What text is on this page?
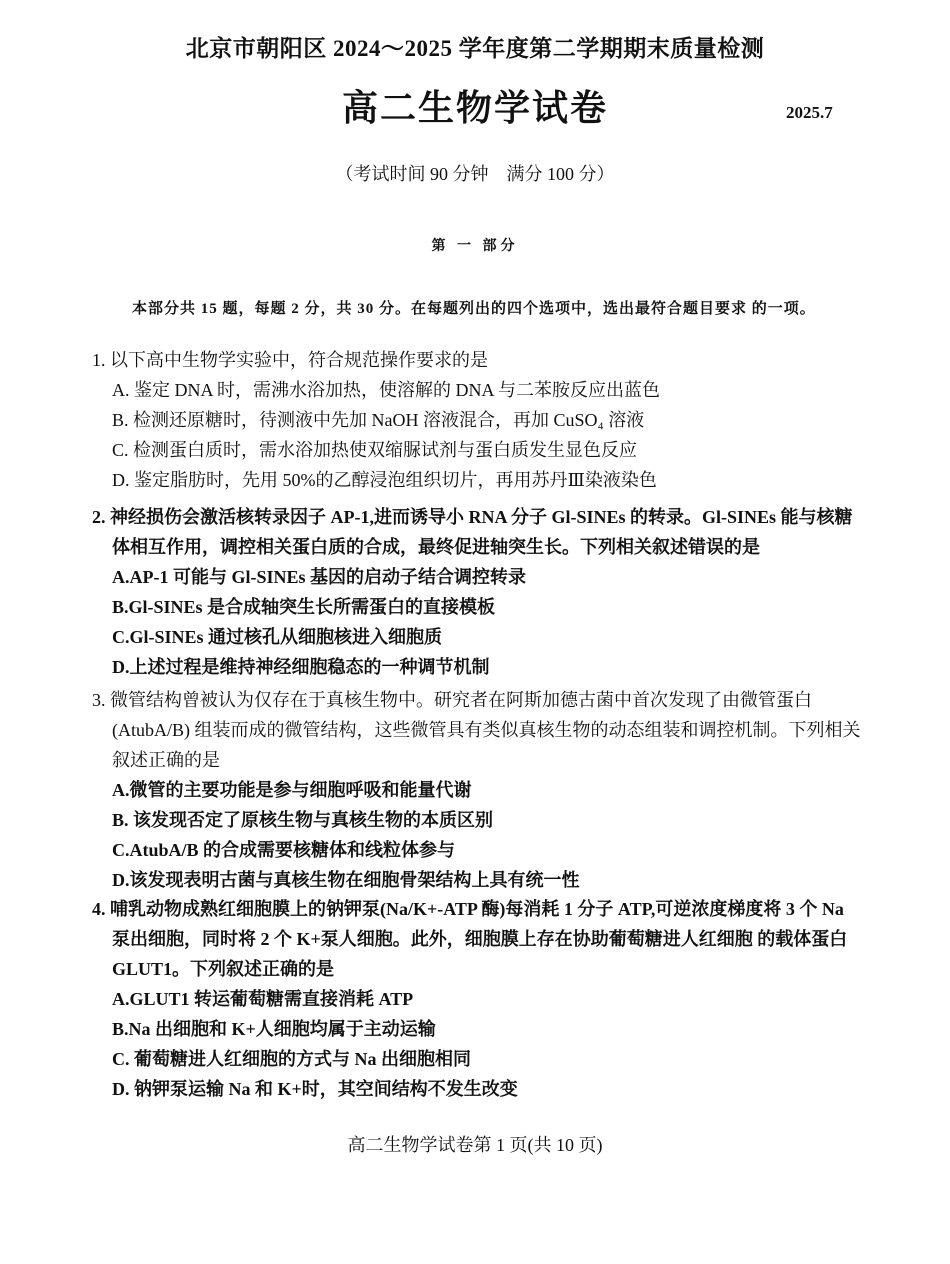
北京市朝阳区 2024～2025 学年度第二学期期末质量检测
高二生物学试卷	2025.7
（考试时间 90 分钟　满分 100 分）
第 一 部分
本部分共 15 题，每题 2 分，共 30 分。在每题列出的四个选项中，选出最符合题目要求 的一项。
1. 以下高中生物学实验中，符合规范操作要求的是
A. 鉴定 DNA 时，需沸水浴加热，使溶解的 DNA 与二苯胺反应出蓝色
B. 检测还原糖时，待测液中先加 NaOH 溶液混合，再加 CuSO₄ 溶液
C. 检测蛋白质时，需水浴加热使双缩脲试剂与蛋白质发生显色反应
D. 鉴定脂肪时，先用 50%的乙醇浸泡组织切片，再用苏丹Ⅲ染液染色
2. 神经损伤会激活核转录因子 AP-1,进而诱导小 RNA 分子 Gl-SINEs 的转录。Gl-SINEs 能与核糖 体相互作用，调控相关蛋白质的合成，最终促进轴突生长。下列相关叙述错误的是
A.AP-1 可能与 Gl-SINEs 基因的启动子结合调控转录
B.Gl-SINEs 是合成轴突生长所需蛋白的直接模板
C.Gl-SINEs 通过核孔从细胞核进入细胞质
D.上述过程是维持神经细胞稳态的一种调节机制
3. 微管结构曾被认为仅存在于真核生物中。研究者在阿斯加德古菌中首次发现了由微管蛋白(AtubA/B) 组装而成的微管结构，这些微管具有类似真核生物的动态组装和调控机制。下列相关叙述正确的是
A.微管的主要功能是参与细胞呼吸和能量代谢
B. 该发现否定了原核生物与真核生物的本质区别
C.AtubA/B 的合成需要核糖体和线粒体参与
D.该发现表明古菌与真核生物在细胞骨架结构上具有统一性
4. 哺乳动物成熟红细胞膜上的钠钾泵(Na/K+-ATP 酶)每消耗 1 分子 ATP,可逆浓度梯度将 3 个 Na 泵出细胞，同时将 2 个 K+泵人细胞。此外，细胞膜上存在协助葡萄糖进人红细胞 的载体蛋白 GLUT1。下列叙述正确的是
A.GLUT1 转运葡萄糖需直接消耗 ATP
B.Na 出细胞和 K+人细胞均属于主动运输
C. 葡萄糖进人红细胞的方式与 Na 出细胞相同
D. 钠钾泵运输 Na 和 K+时，其空间结构不发生改变
高二生物学试卷第 1 页(共 10 页)
